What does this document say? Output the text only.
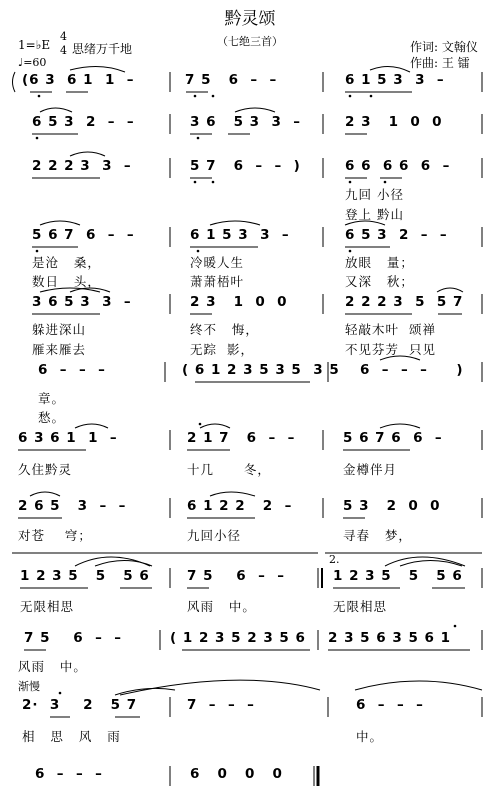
黔灵颂
（七绝三首）
1=♭E
4
4
♩=60
思绪万千地	作词: 文翰仪
作曲: 王 镭
(6 3  6 1  1  –	7 5   6  –  –	6 1 5 3  3  –
6 5 3  2  –  –	3 6   5 3  3  –	2 3   1  0  0
2 2 2 3  3  –	5 7   6  –  –  )	6 6  6 6  6  –
九回 小径
登上 黔山
5 6 7  6  –  –	6 1 5 3  3  –	6 5 3  2  –  –
是沧   桑，	冷暖人生	放眼   量；
数日   头，	萧萧梧叶	又深   秋；
3 6 5 3  3  –	2 3   1  0  0	2 2 2 3  5  5 7
躲进深山	终不   悔，	轻敲木叶  颂禅
雁来雁去	无踪  影，	不见芬芳  只见
6  –  –  –	( 6 1 2 3 5 3 5  3 5 6  –  –  –     )
章。
愁。
6 3 6 1  1  –	2 1 7   6  –  –	5 6 7 6  6  –
久住黔灵	十几      冬，	金樽伴月
2 6 5   3  –  –	6 1 2 2   2  –	5 3   2  0  0
对苍    穹；	九回小径	寻春   梦，
2.
1 2 3 5   5   5 6	7 5    6  –  –	1 2 3 5   5   5 6
无限相思	风雨   中。	无限相思
7 5    6  –  –	( 1 2 3 5 2 3 5 6 2 3 5 6 3 5 6 1
风雨   中。
渐慢
2·  3    2   5 7	7  –  –  –	6  –  –  –
相   思   风   雨	中。
6  –  –  –	6   0   0   0
